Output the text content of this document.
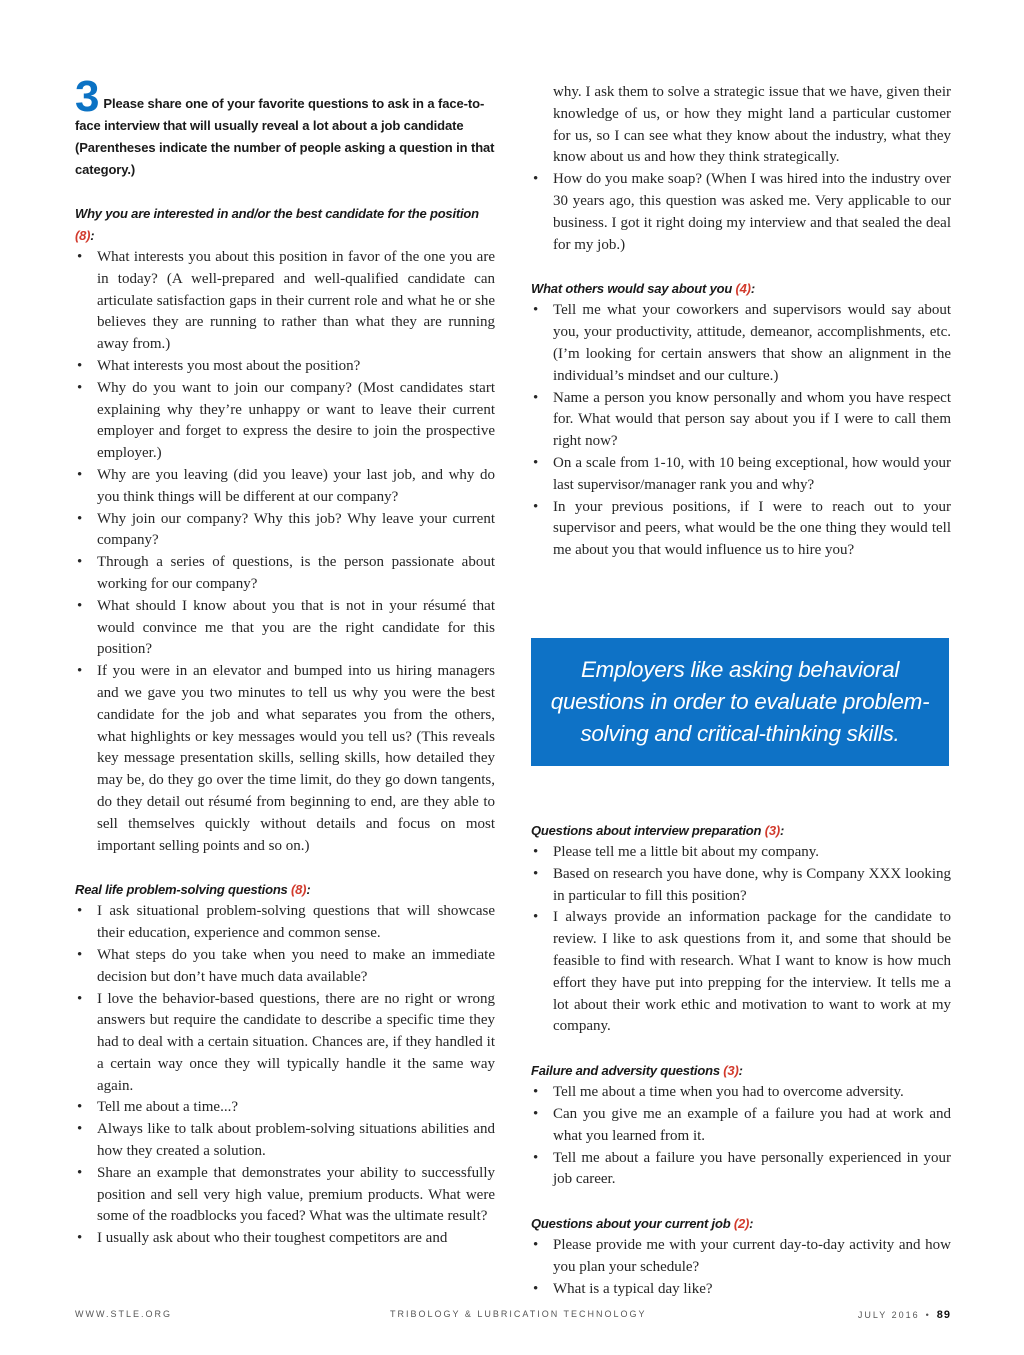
3 Please share one of your favorite questions to ask in a face-to-face interview that will usually reveal a lot about a job candidate (Parentheses indicate the number of people asking a question in that category.)
Why you are interested in and/or the best candidate for the position (8):
• What interests you about this position in favor of the one you are in today? (A well-prepared and well-qualified candidate can articulate satisfaction gaps in their current role and what he or she believes they are running to rather than what they are running away from.)
• What interests you most about the position?
• Why do you want to join our company? (Most candidates start explaining why they’re unhappy or want to leave their current employer and forget to express the desire to join the prospective employer.)
• Why are you leaving (did you leave) your last job, and why do you think things will be different at our company?
• Why join our company? Why this job? Why leave your current company?
• Through a series of questions, is the person passionate about working for our company?
• What should I know about you that is not in your résumé that would convince me that you are the right candidate for this position?
• If you were in an elevator and bumped into us hiring managers and we gave you two minutes to tell us why you were the best candidate for the job and what separates you from the others, what highlights or key messages would you tell us? (This reveals key message presentation skills, selling skills, how detailed they may be, do they go over the time limit, do they go down tangents, do they detail out résumé from beginning to end, are they able to sell themselves quickly without details and focus on most important selling points and so on.)
Real life problem-solving questions (8):
• I ask situational problem-solving questions that will showcase their education, experience and common sense.
• What steps do you take when you need to make an immediate decision but don’t have much data available?
• I love the behavior-based questions, there are no right or wrong answers but require the candidate to describe a specific time they had to deal with a certain situation. Chances are, if they handled it a certain way once they will typically handle it the same way again.
• Tell me about a time...?
• Always like to talk about problem-solving situations abilities and how they created a solution.
• Share an example that demonstrates your ability to successfully position and sell very high value, premium products. What were some of the roadblocks you faced? What was the ultimate result?
• I usually ask about who their toughest competitors are and
why. I ask them to solve a strategic issue that we have, given their knowledge of us, or how they might land a particular customer for us, so I can see what they know about the industry, what they know about us and how they think strategically.
• How do you make soap? (When I was hired into the industry over 30 years ago, this question was asked me. Very applicable to our business. I got it right doing my interview and that sealed the deal for my job.)
What others would say about you (4):
• Tell me what your coworkers and supervisors would say about you, your productivity, attitude, demeanor, accomplishments, etc. (I’m looking for certain answers that show an alignment in the individual’s mindset and our culture.)
• Name a person you know personally and whom you have respect for. What would that person say about you if I were to call them right now?
• On a scale from 1-10, with 10 being exceptional, how would your last supervisor/manager rank you and why?
• In your previous positions, if I were to reach out to your supervisor and peers, what would be the one thing they would tell me about you that would influence us to hire you?
Employers like asking behavioral questions in order to evaluate problem-solving and critical-thinking skills.
Questions about interview preparation (3):
• Please tell me a little bit about my company.
• Based on research you have done, why is Company XXX looking in particular to fill this position?
• I always provide an information package for the candidate to review. I like to ask questions from it, and some that should be feasible to find with research. What I want to know is how much effort they have put into prepping for the interview. It tells me a lot about their work ethic and motivation to want to work at my company.
Failure and adversity questions (3):
• Tell me about a time when you had to overcome adversity.
• Can you give me an example of a failure you had at work and what you learned from it.
• Tell me about a failure you have personally experienced in your job career.
Questions about your current job (2):
• Please provide me with your current day-to-day activity and how you plan your schedule?
• What is a typical day like?
WWW.STLE.ORG	TRIBOLOGY & LUBRICATION TECHNOLOGY	JULY 2016 • 89
